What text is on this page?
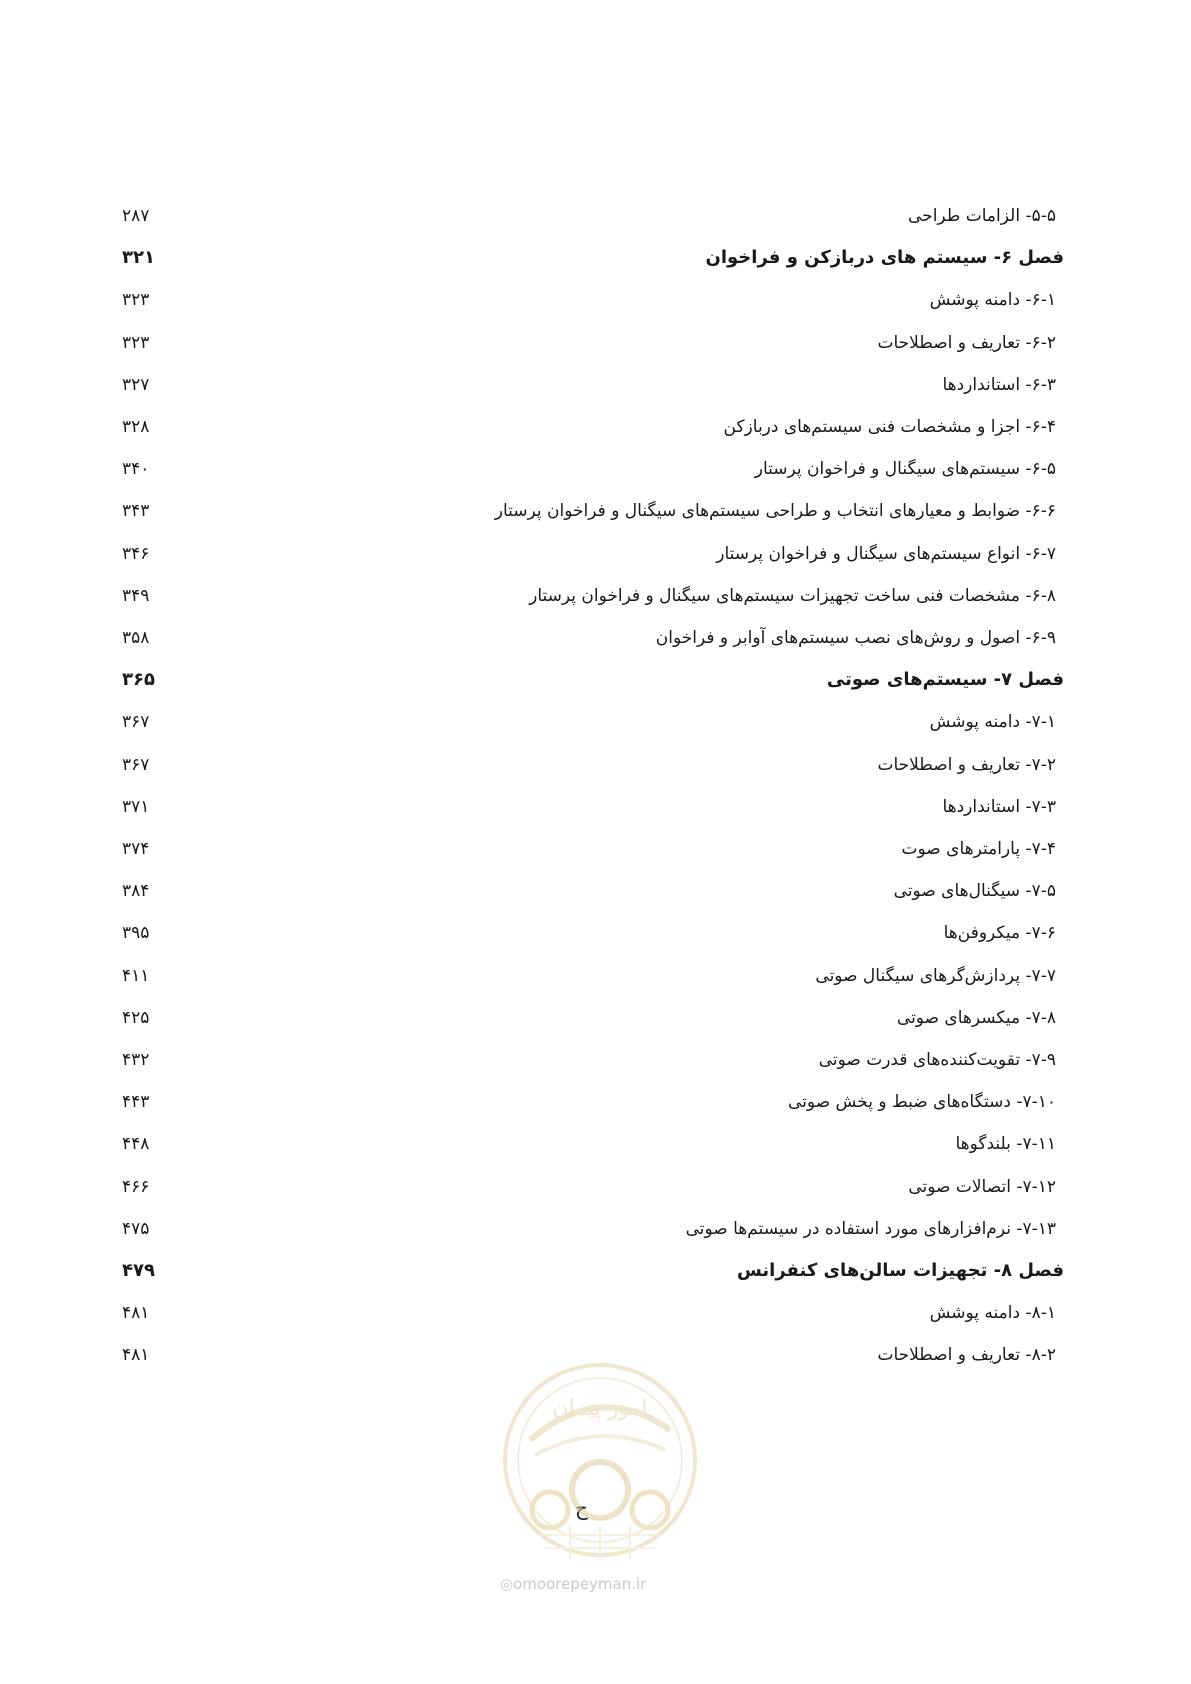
۵-۵- الزامات طراحی
۲۸۷
فصل ۶- سیستم های دربازکن و فراخوان
۳۲۱
۶-۱- دامنه پوشش
۳۲۳
۶-۲- تعاریف و اصطلاحات
۳۲۳
۶-۳- استانداردها
۳۲۷
۶-۴- اجزا و مشخصات فنی سیستم‌های دربازکن
۳۲۸
۶-۵- سیستم‌های سیگنال و فراخوان پرستار
۳۴۰
۶-۶- ضوابط و معیارهای انتخاب و طراحی سیستم‌های سیگنال و فراخوان پرستار
۳۴۳
۶-۷- انواع سیستم‌های سیگنال و فراخوان پرستار
۳۴۶
۶-۸- مشخصات فنی ساخت تجهیزات سیستم‌های سیگنال و فراخوان پرستار
۳۴۹
۶-۹- اصول و روش‌های نصب سیستم‌های آوابر و فراخوان
۳۵۸
فصل ۷- سیستم‌های صوتی
۳۶۵
۷-۱- دامنه پوشش
۳۶۷
۷-۲- تعاریف و اصطلاحات
۳۶۷
۷-۳- استانداردها
۳۷۱
۷-۴- پارامترهای صوت
۳۷۴
۷-۵- سیگنال‌های صوتی
۳۸۴
۷-۶- میکروفن‌ها
۳۹۵
۷-۷- پردازش‌گرهای سیگنال صوتی
۴۱۱
۷-۸- میکسرهای صوتی
۴۲۵
۷-۹- تقویت‌کننده‌های قدرت صوتی
۴۳۲
۷-۱۰- دستگاه‌های ضبط و پخش صوتی
۴۴۳
۷-۱۱- بلندگوها
۴۴۸
۷-۱۲- اتصالات صوتی
۴۶۶
۷-۱۳- نرم‌افزارهای مورد استفاده در سیستم‌ها صوتی
۴۷۵
فصل ۸- تجهیزات سالن‌های کنفرانس
۴۷۹
۸-۱- دامنه پوشش
۴۸۱
۸-۲- تعاریف و اصطلاحات
۴۸۱
ح
امور پیمان
◎omoorepeyman.ir
